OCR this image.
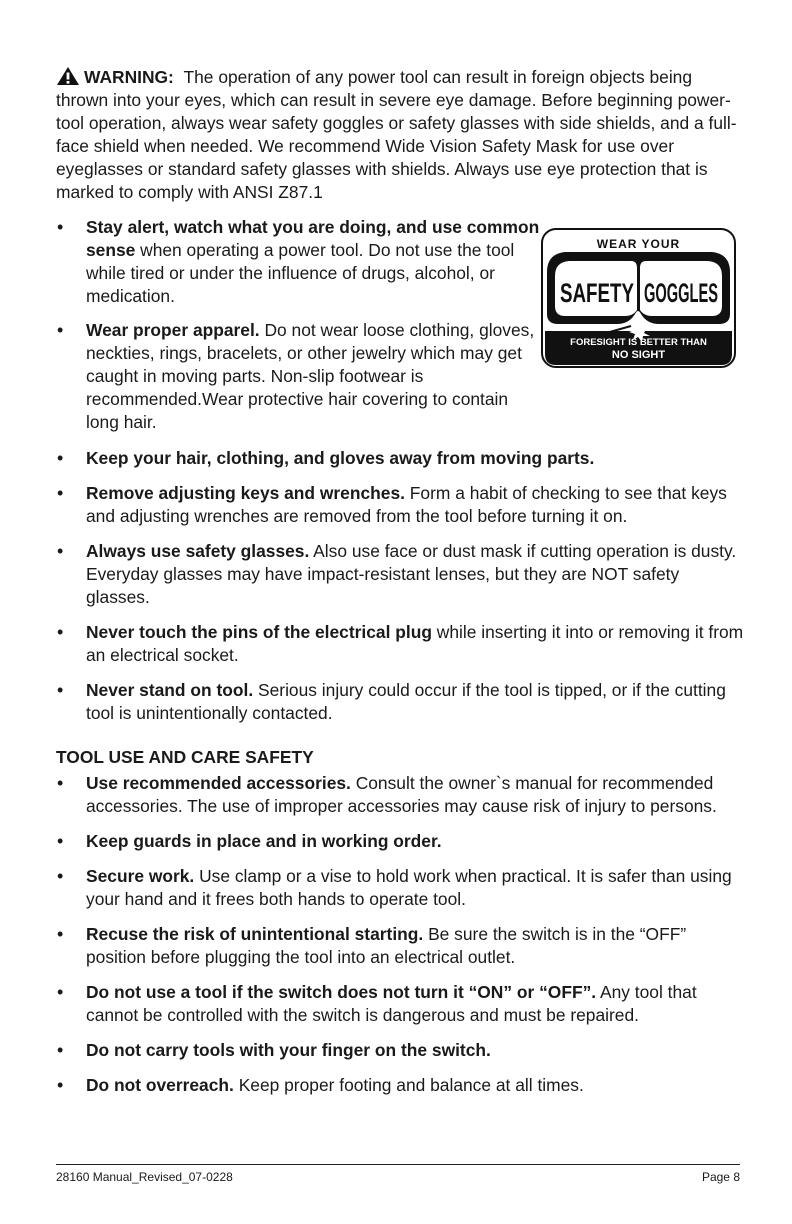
WARNING: The operation of any power tool can result in foreign objects being thrown into your eyes, which can result in severe eye damage. Before beginning power-tool operation, always wear safety goggles or safety glasses with side shields, and a full-face shield when needed. We recommend Wide Vision Safety Mask for use over eyeglasses or standard safety glasses with shields. Always use eye protection that is marked to comply with ANSI Z87.1

• Stay alert, watch what you are doing, and use common sense when operating a power tool. Do not use the tool while tired or under the influence of drugs, alcohol, or medication.
• Wear proper apparel. Do not wear loose clothing, gloves, neckties, rings, bracelets, or other jewelry which may get caught in moving parts. Non-slip footwear is recommended.Wear protective hair covering to contain long hair.
WEAR YOUR
SAFETY GOGGLES
FORESIGHT IS BETTER THAN
NO SIGHT
• Keep your hair, clothing, and gloves away from moving parts.
• Remove adjusting keys and wrenches. Form a habit of checking to see that keys and adjusting wrenches are removed from the tool before turning it on.
• Always use safety glasses. Also use face or dust mask if cutting operation is dusty. Everyday glasses may have impact-resistant lenses, but they are NOT safety glasses.
• Never touch the pins of the electrical plug while inserting it into or removing it from an electrical socket.
• Never stand on tool. Serious injury could occur if the tool is tipped, or if the cutting tool is unintentionally contacted.
TOOL USE AND CARE SAFETY
• Use recommended accessories. Consult the owner`s manual for recommended accessories. The use of improper accessories may cause risk of injury to persons.
• Keep guards in place and in working order.
• Secure work. Use clamp or a vise to hold work when practical. It is safer than using your hand and it frees both hands to operate tool.
• Recuse the risk of unintentional starting. Be sure the switch is in the “OFF” position before plugging the tool into an electrical outlet.
• Do not use a tool if the switch does not turn it “ON” or “OFF”. Any tool that cannot be controlled with the switch is dangerous and must be repaired.
• Do not carry tools with your finger on the switch.
• Do not overreach. Keep proper footing and balance at all times.
28160 Manual_Revised_07-0228	Page 8
